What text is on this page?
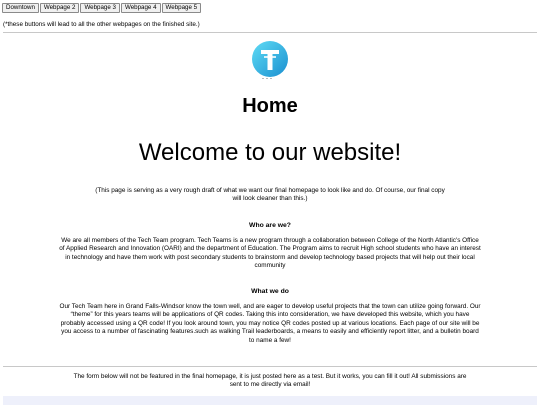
Downtown	Webpage 2	Webpage 3	Webpage 4	Webpage 5
(*these buttons will lead to all the other webpages on the finished site.)
Home
Welcome to our website!
(This page is serving as a very rough draft of what we want our final homepage to look like and do. Of course, our final copy will look cleaner than this.)
Who are we?
We are all members of the Tech Team program. Tech Teams is a new program through a collaboration between College of the North Atlantic's Office of Applied Research and Innovation (OARI) and the department of Education. The Program aims to recruit High school students who have an interest in technology and have them work with post secondary students to brainstorm and develop technology based projects that will help out their local community
What we do
Our Tech Team here in Grand Falls-Windsor know the town well, and are eager to develop useful projects that the town can utilize going forward. Our “theme” for this years teams will be applications of QR codes. Taking this into consideration, we have developed this website, which you have probably accessed using a QR code! If you look around town, you may notice QR codes posted up at various locations. Each page of our site will be you access to a number of fascinating features.such as walking Trail leaderboards, a means to easily and efficiently report litter, and a bulletin board to name a few!
The form below will not be featured in the final homepage, it is just posted here as a test. But it works, you can fill it out! All submissions are sent to me directly via email!
